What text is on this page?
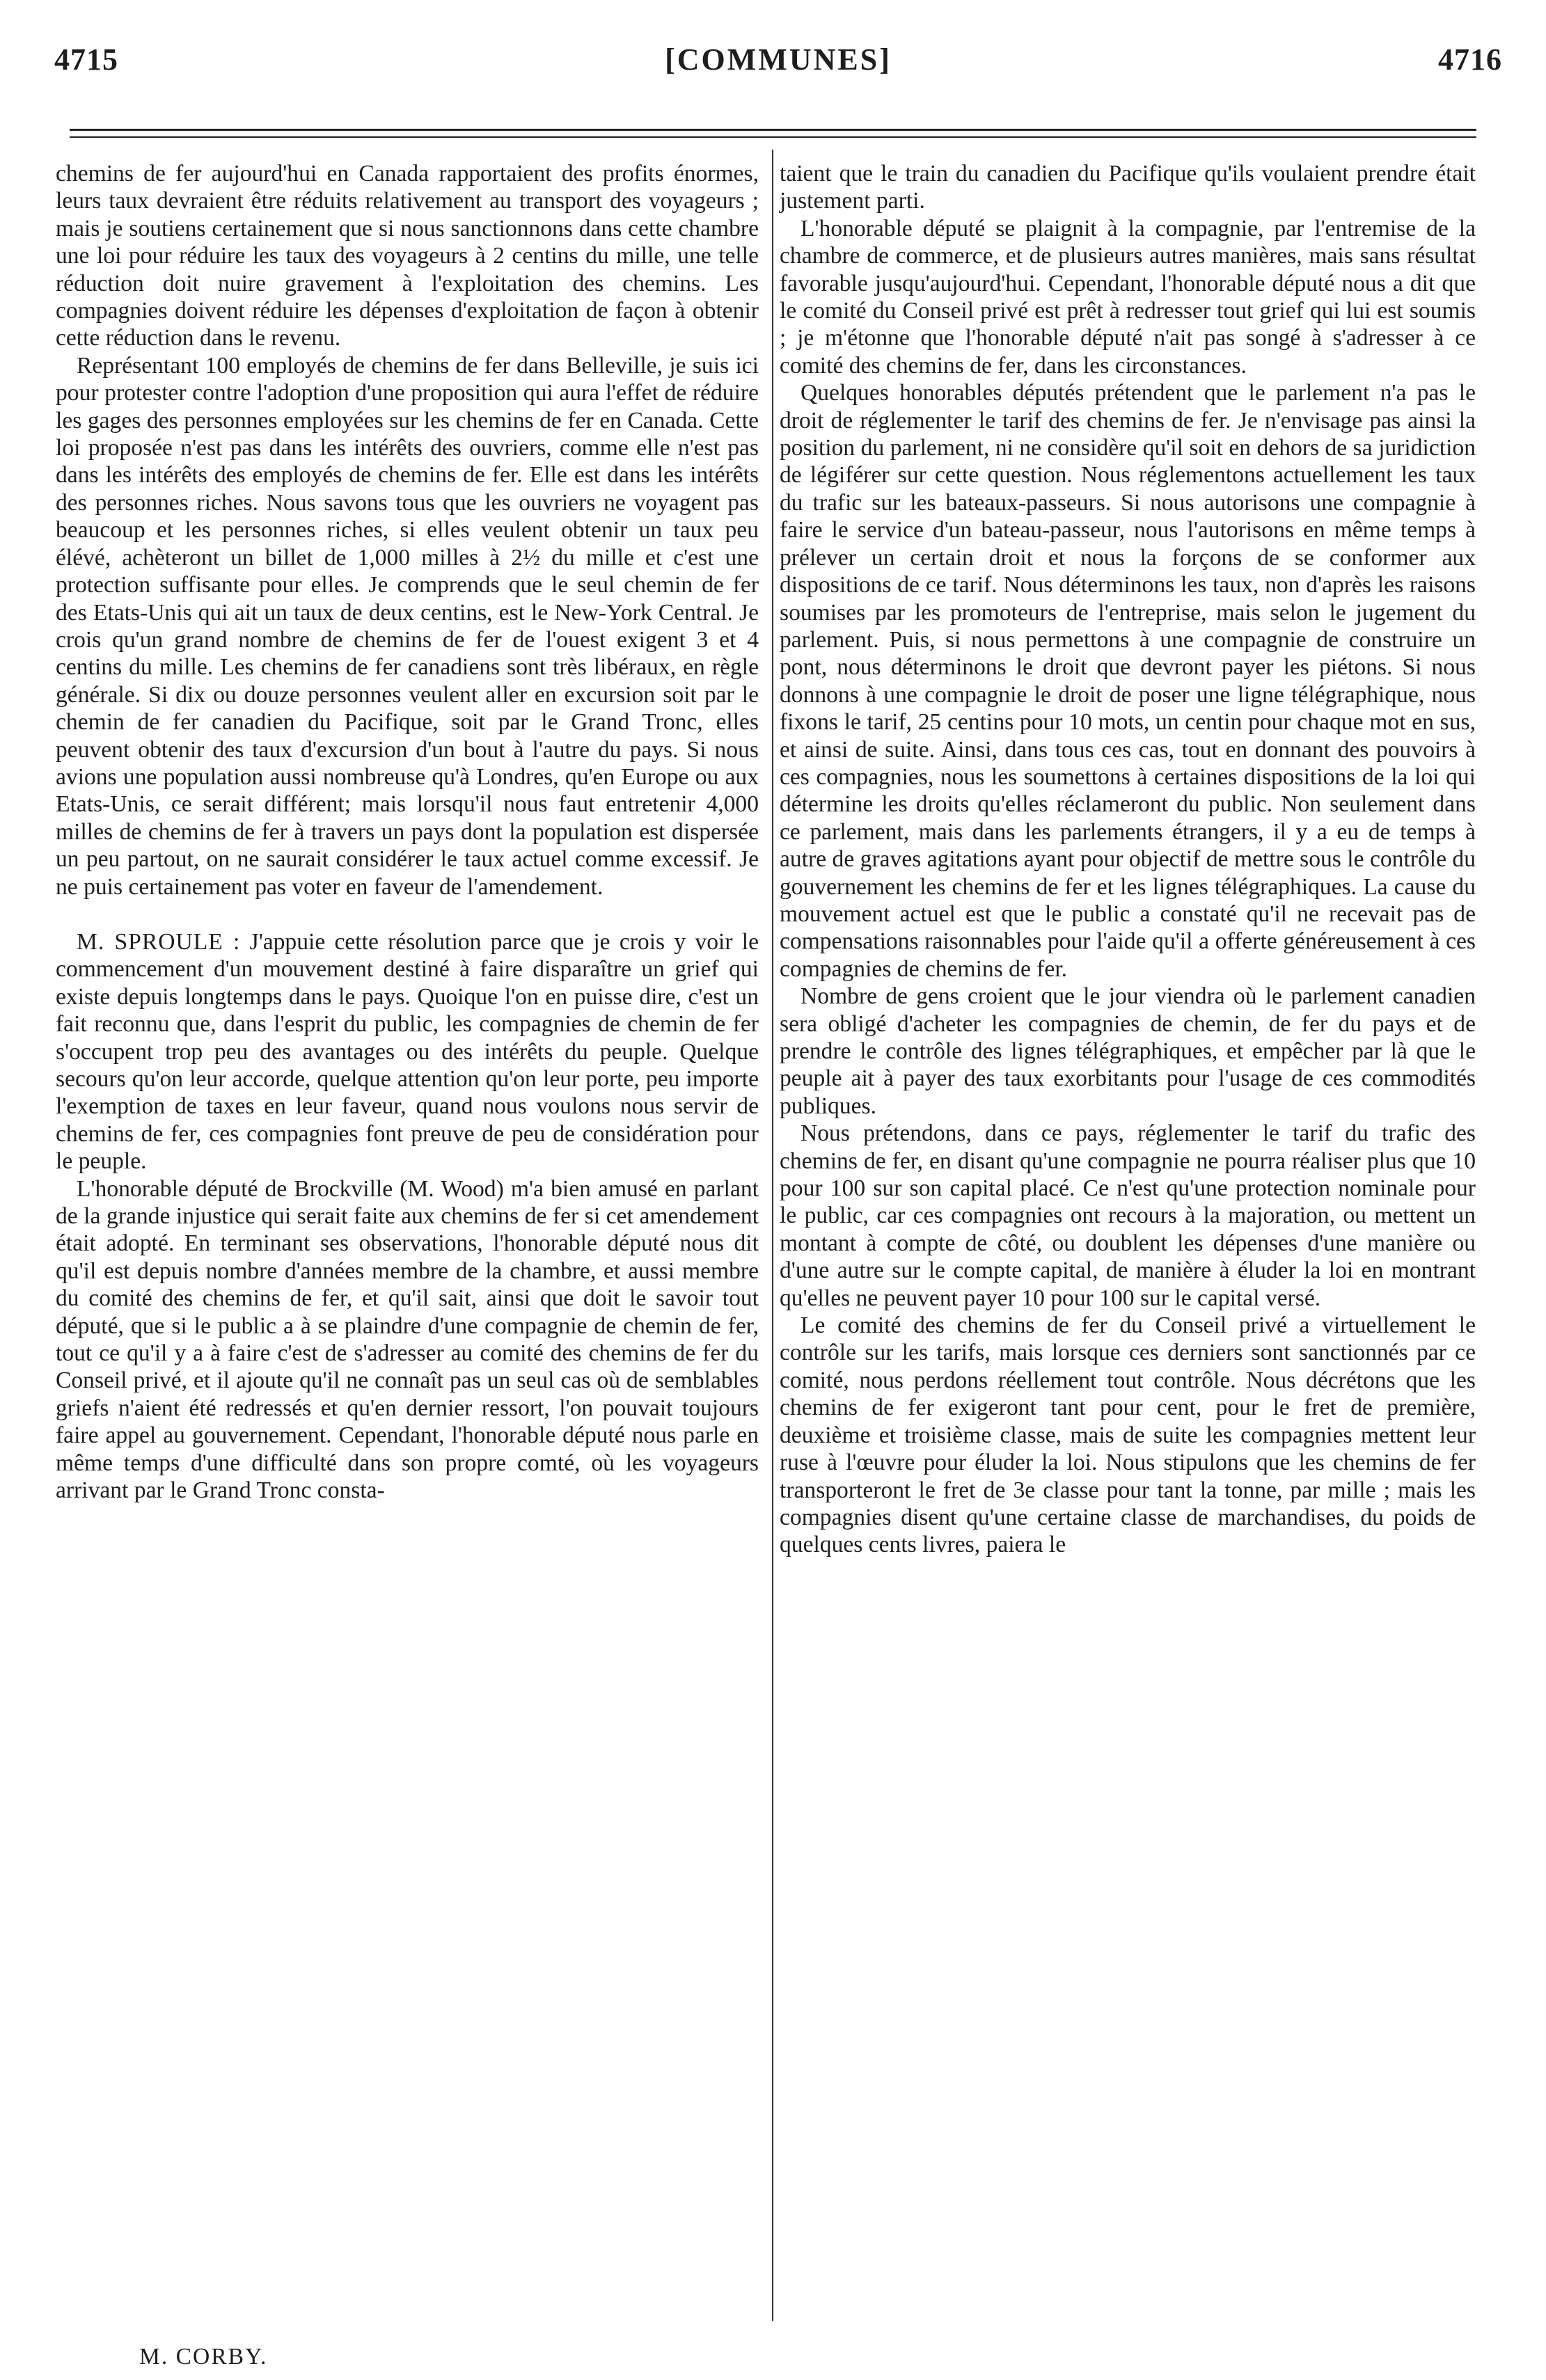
4715	[COMMUNES]	4716

chemins de fer aujourd'hui en Canada rapportaient des profits énormes, leurs taux devraient être réduits relativement au transport des voyageurs ; mais je soutiens certainement que si nous sanctionnons dans cette chambre une loi pour réduire les taux des voyageurs à 2 centins du mille, une telle réduction doit nuire gravement à l'exploitation des chemins. Les compagnies doivent réduire les dépenses d'exploitation de façon à obtenir cette réduction dans le revenu.

Représentant 100 employés de chemins de fer dans Belleville, je suis ici pour protester contre l'adoption d'une proposition qui aura l'effet de réduire les gages des personnes employées sur les chemins de fer en Canada. Cette loi proposée n'est pas dans les intérêts des ouvriers, comme elle n'est pas dans les intérêts des employés de chemins de fer. Elle est dans les intérêts des personnes riches. Nous savons tous que les ouvriers ne voyagent pas beaucoup et les personnes riches, si elles veulent obtenir un taux peu élévé, achèteront un billet de 1,000 milles à 2½ du mille et c'est une protection suffisante pour elles. Je comprends que le seul chemin de fer des Etats-Unis qui ait un taux de deux centins, est le New-York Central. Je crois qu'un grand nombre de chemins de fer de l'ouest exigent 3 et 4 centins du mille. Les chemins de fer canadiens sont très libéraux, en règle générale. Si dix ou douze personnes veulent aller en excursion soit par le chemin de fer canadien du Pacifique, soit par le Grand Tronc, elles peuvent obtenir des taux d'excursion d'un bout à l'autre du pays. Si nous avions une population aussi nombreuse qu'à Londres, qu'en Europe ou aux Etats-Unis, ce serait différent; mais lorsqu'il nous faut entretenir 4,000 milles de chemins de fer à travers un pays dont la population est dispersée un peu partout, on ne saurait considérer le taux actuel comme excessif. Je ne puis certainement pas voter en faveur de l'amendement.

M. SPROULE : J'appuie cette résolution parce que je crois y voir le commencement d'un mouvement destiné à faire disparaître un grief qui existe depuis longtemps dans le pays. Quoique l'on en puisse dire, c'est un fait reconnu que, dans l'esprit du public, les compagnies de chemin de fer s'occupent trop peu des avantages ou des intérêts du peuple. Quelque secours qu'on leur accorde, quelque attention qu'on leur porte, peu importe l'exemption de taxes en leur faveur, quand nous voulons nous servir de chemins de fer, ces compagnies font preuve de peu de considération pour le peuple.

L'honorable député de Brockville (M. Wood) m'a bien amusé en parlant de la grande injustice qui serait faite aux chemins de fer si cet amendement était adopté. En terminant ses observations, l'honorable député nous dit qu'il est depuis nombre d'années membre de la chambre, et aussi membre du comité des chemins de fer, et qu'il sait, ainsi que doit le savoir tout député, que si le public a à se plaindre d'une compagnie de chemin de fer, tout ce qu'il y a à faire c'est de s'adresser au comité des chemins de fer du Conseil privé, et il ajoute qu'il ne connaît pas un seul cas où de semblables griefs n'aient été redressés et qu'en dernier ressort, l'on pouvait toujours faire appel au gouvernement. Cependant, l'honorable député nous parle en même temps d'une difficulté dans son propre comté, où les voyageurs arrivant par le Grand Tronc consta-

taient que le train du canadien du Pacifique qu'ils voulaient prendre était justement parti.

L'honorable député se plaignit à la compagnie, par l'entremise de la chambre de commerce, et de plusieurs autres manières, mais sans résultat favorable jusqu'aujourd'hui. Cependant, l'honorable député nous a dit que le comité du Conseil privé est prêt à redresser tout grief qui lui est soumis ; je m'étonne que l'honorable député n'ait pas songé à s'adresser à ce comité des chemins de fer, dans les circonstances.

Quelques honorables députés prétendent que le parlement n'a pas le droit de réglementer le tarif des chemins de fer. Je n'envisage pas ainsi la position du parlement, ni ne considère qu'il soit en dehors de sa juridiction de légiférer sur cette question. Nous réglementons actuellement les taux du trafic sur les bateaux-passeurs. Si nous autorisons une compagnie à faire le service d'un bateau-passeur, nous l'autorisons en même temps à prélever un certain droit et nous la forçons de se conformer aux dispositions de ce tarif. Nous déterminons les taux, non d'après les raisons soumises par les promoteurs de l'entreprise, mais selon le jugement du parlement. Puis, si nous permettons à une compagnie de construire un pont, nous déterminons le droit que devront payer les piétons. Si nous donnons à une compagnie le droit de poser une ligne télégraphique, nous fixons le tarif, 25 centins pour 10 mots, un centin pour chaque mot en sus, et ainsi de suite. Ainsi, dans tous ces cas, tout en donnant des pouvoirs à ces compagnies, nous les soumettons à certaines dispositions de la loi qui détermine les droits qu'elles réclameront du public. Non seulement dans ce parlement, mais dans les parlements étrangers, il y a eu de temps à autre de graves agitations ayant pour objectif de mettre sous le contrôle du gouvernement les chemins de fer et les lignes télégraphiques. La cause du mouvement actuel est que le public a constaté qu'il ne recevait pas de compensations raisonnables pour l'aide qu'il a offerte généreusement à ces compagnies de chemins de fer.

Nombre de gens croient que le jour viendra où le parlement canadien sera obligé d'acheter les compagnies de chemin, de fer du pays et de prendre le contrôle des lignes télégraphiques, et empêcher par là que le peuple ait à payer des taux exorbitants pour l'usage de ces commodités publiques.

Nous prétendons, dans ce pays, réglementer le tarif du trafic des chemins de fer, en disant qu'une compagnie ne pourra réaliser plus que 10 pour 100 sur son capital placé. Ce n'est qu'une protection nominale pour le public, car ces compagnies ont recours à la majoration, ou mettent un montant à compte de côté, ou doublent les dépenses d'une manière ou d'une autre sur le compte capital, de manière à éluder la loi en montrant qu'elles ne peuvent payer 10 pour 100 sur le capital versé.

Le comité des chemins de fer du Conseil privé a virtuellement le contrôle sur les tarifs, mais lorsque ces derniers sont sanctionnés par ce comité, nous perdons réellement tout contrôle. Nous décrétons que les chemins de fer exigeront tant pour cent, pour le fret de première, deuxième et troisième classe, mais de suite les compagnies mettent leur ruse à l'œuvre pour éluder la loi. Nous stipulons que les chemins de fer transporteront le fret de 3e classe pour tant la tonne, par mille ; mais les compagnies disent qu'une certaine classe de marchandises, du poids de quelques cents livres, paiera le

M. CORBY.
